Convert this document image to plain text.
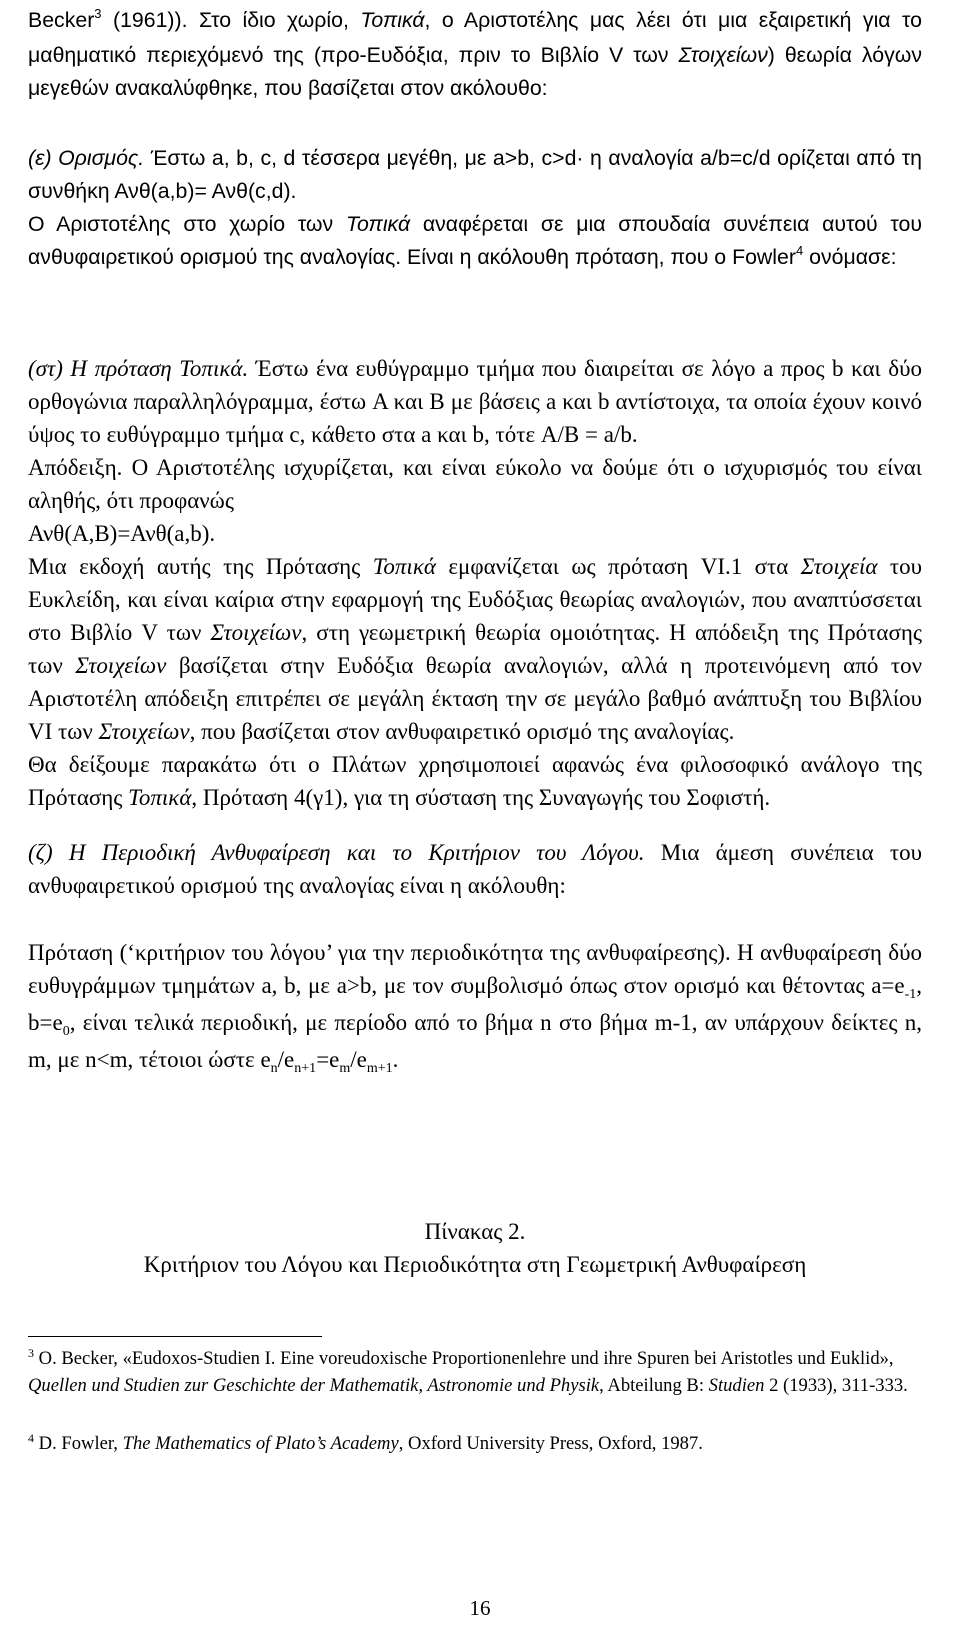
Becker$^3$ (1961)). Στο ίδιο χωρίο, Τοπικά, ο Αριστοτέλης μας λέει ότι μια εξαιρετική για το μαθηματικό περιεχόμενό της (προ-Ευδόξια, πριν το Βιβλίο V των Στοιχείων) θεωρία λόγων μεγεθών ανακαλύφθηκε, που βασίζεται στον ακόλουθο:

(ε) Ορισμός. Έστω a, b, c, d τέσσερα μεγέθη, με a>b, c>d· η αναλογία a/b=c/d ορίζεται από τη συνθήκη Ανθ(a,b)= Ανθ(c,d).

Ο Αριστοτέλης στο χωρίο των Τοπικά αναφέρεται σε μια σπουδαία συνέπεια αυτού του ανθυφαιρετικού ορισμού της αναλογίας. Είναι η ακόλουθη πρόταση, που ο Fowler$^4$ ονόμασε:

(στ) Η πρόταση Τοπικά. Έστω ένα ευθύγραμμο τμήμα που διαιρείται σε λόγο a προς b και δύο ορθογώνια παραλληλόγραμμα, έστω A και B με βάσεις a και b αντίστοιχα, τα οποία έχουν κοινό ύψος το ευθύγραμμο τμήμα c, κάθετο στα a και b, τότε A/B = a/b.

Απόδειξη. Ο Αριστοτέλης ισχυρίζεται, και είναι εύκολο να δούμε ότι ο ισχυρισμός του είναι αληθής, ότι προφανώς

Ανθ(A,B)=Ανθ(a,b).

Μια εκδοχή αυτής της Πρότασης Τοπικά εμφανίζεται ως πρόταση VI.1 στα Στοιχεία του Ευκλείδη, και είναι καίρια στην εφαρμογή της Ευδόξιας θεωρίας αναλογιών, που αναπτύσσεται στο Βιβλίο V των Στοιχείων, στη γεωμετρική θεωρία ομοιότητας. Η απόδειξη της Πρότασης των Στοιχείων βασίζεται στην Ευδόξια θεωρία αναλογιών, αλλά η προτεινόμενη από τον Αριστοτέλη απόδειξη επιτρέπει σε μεγάλη έκταση την σε μεγάλο βαθμό ανάπτυξη του Βιβλίου VI των Στοιχείων, που βασίζεται στον ανθυφαιρετικό ορισμό της αναλογίας.

Θα δείξουμε παρακάτω ότι ο Πλάτων χρησιμοποιεί αφανώς ένα φιλοσοφικό ανάλογο της Πρότασης Τοπικά, Πρόταση 4(γ1), για τη σύσταση της Συναγωγής του Σοφιστή.

(ζ) Η Περιοδική Ανθυφαίρεση και το Κριτήριον του Λόγου. Μια άμεση συνέπεια του ανθυφαιρετικού ορισμού της αναλογίας είναι η ακόλουθη:

Πρόταση (‘κριτήριον του λόγου’ για την περιοδικότητα της ανθυφαίρεσης). Η ανθυφαίρεση δύο ευθυγράμμων τμημάτων a, b, με a>b, με τον συμβολισμό όπως στον ορισμό και θέτοντας $a=e_{-1}$, $b=e_0$, είναι τελικά περιοδική, με περίοδο από το βήμα n στο βήμα m-1, αν υπάρχουν δείκτες n, m, με n<m, τέτοιοι ώστε $e_n/e_{n+1}=e_m/e_{m+1}$.

Πίνακας 2.
Κριτήριον του Λόγου και Περιοδικότητα στη Γεωμετρική Ανθυφαίρεση
$^3$ O. Becker, «Eudoxos-Studien I. Eine voreudoxische Proportionenlehre und ihre Spuren bei Aristotles und Euklid», Quellen und Studien zur Geschichte der Mathematik, Astronomie und Physik, Abteilung B: Studien 2 (1933), 311-333.
$^4$ D. Fowler, The Mathematics of Plato’s Academy, Oxford University Press, Oxford, 1987.
16
